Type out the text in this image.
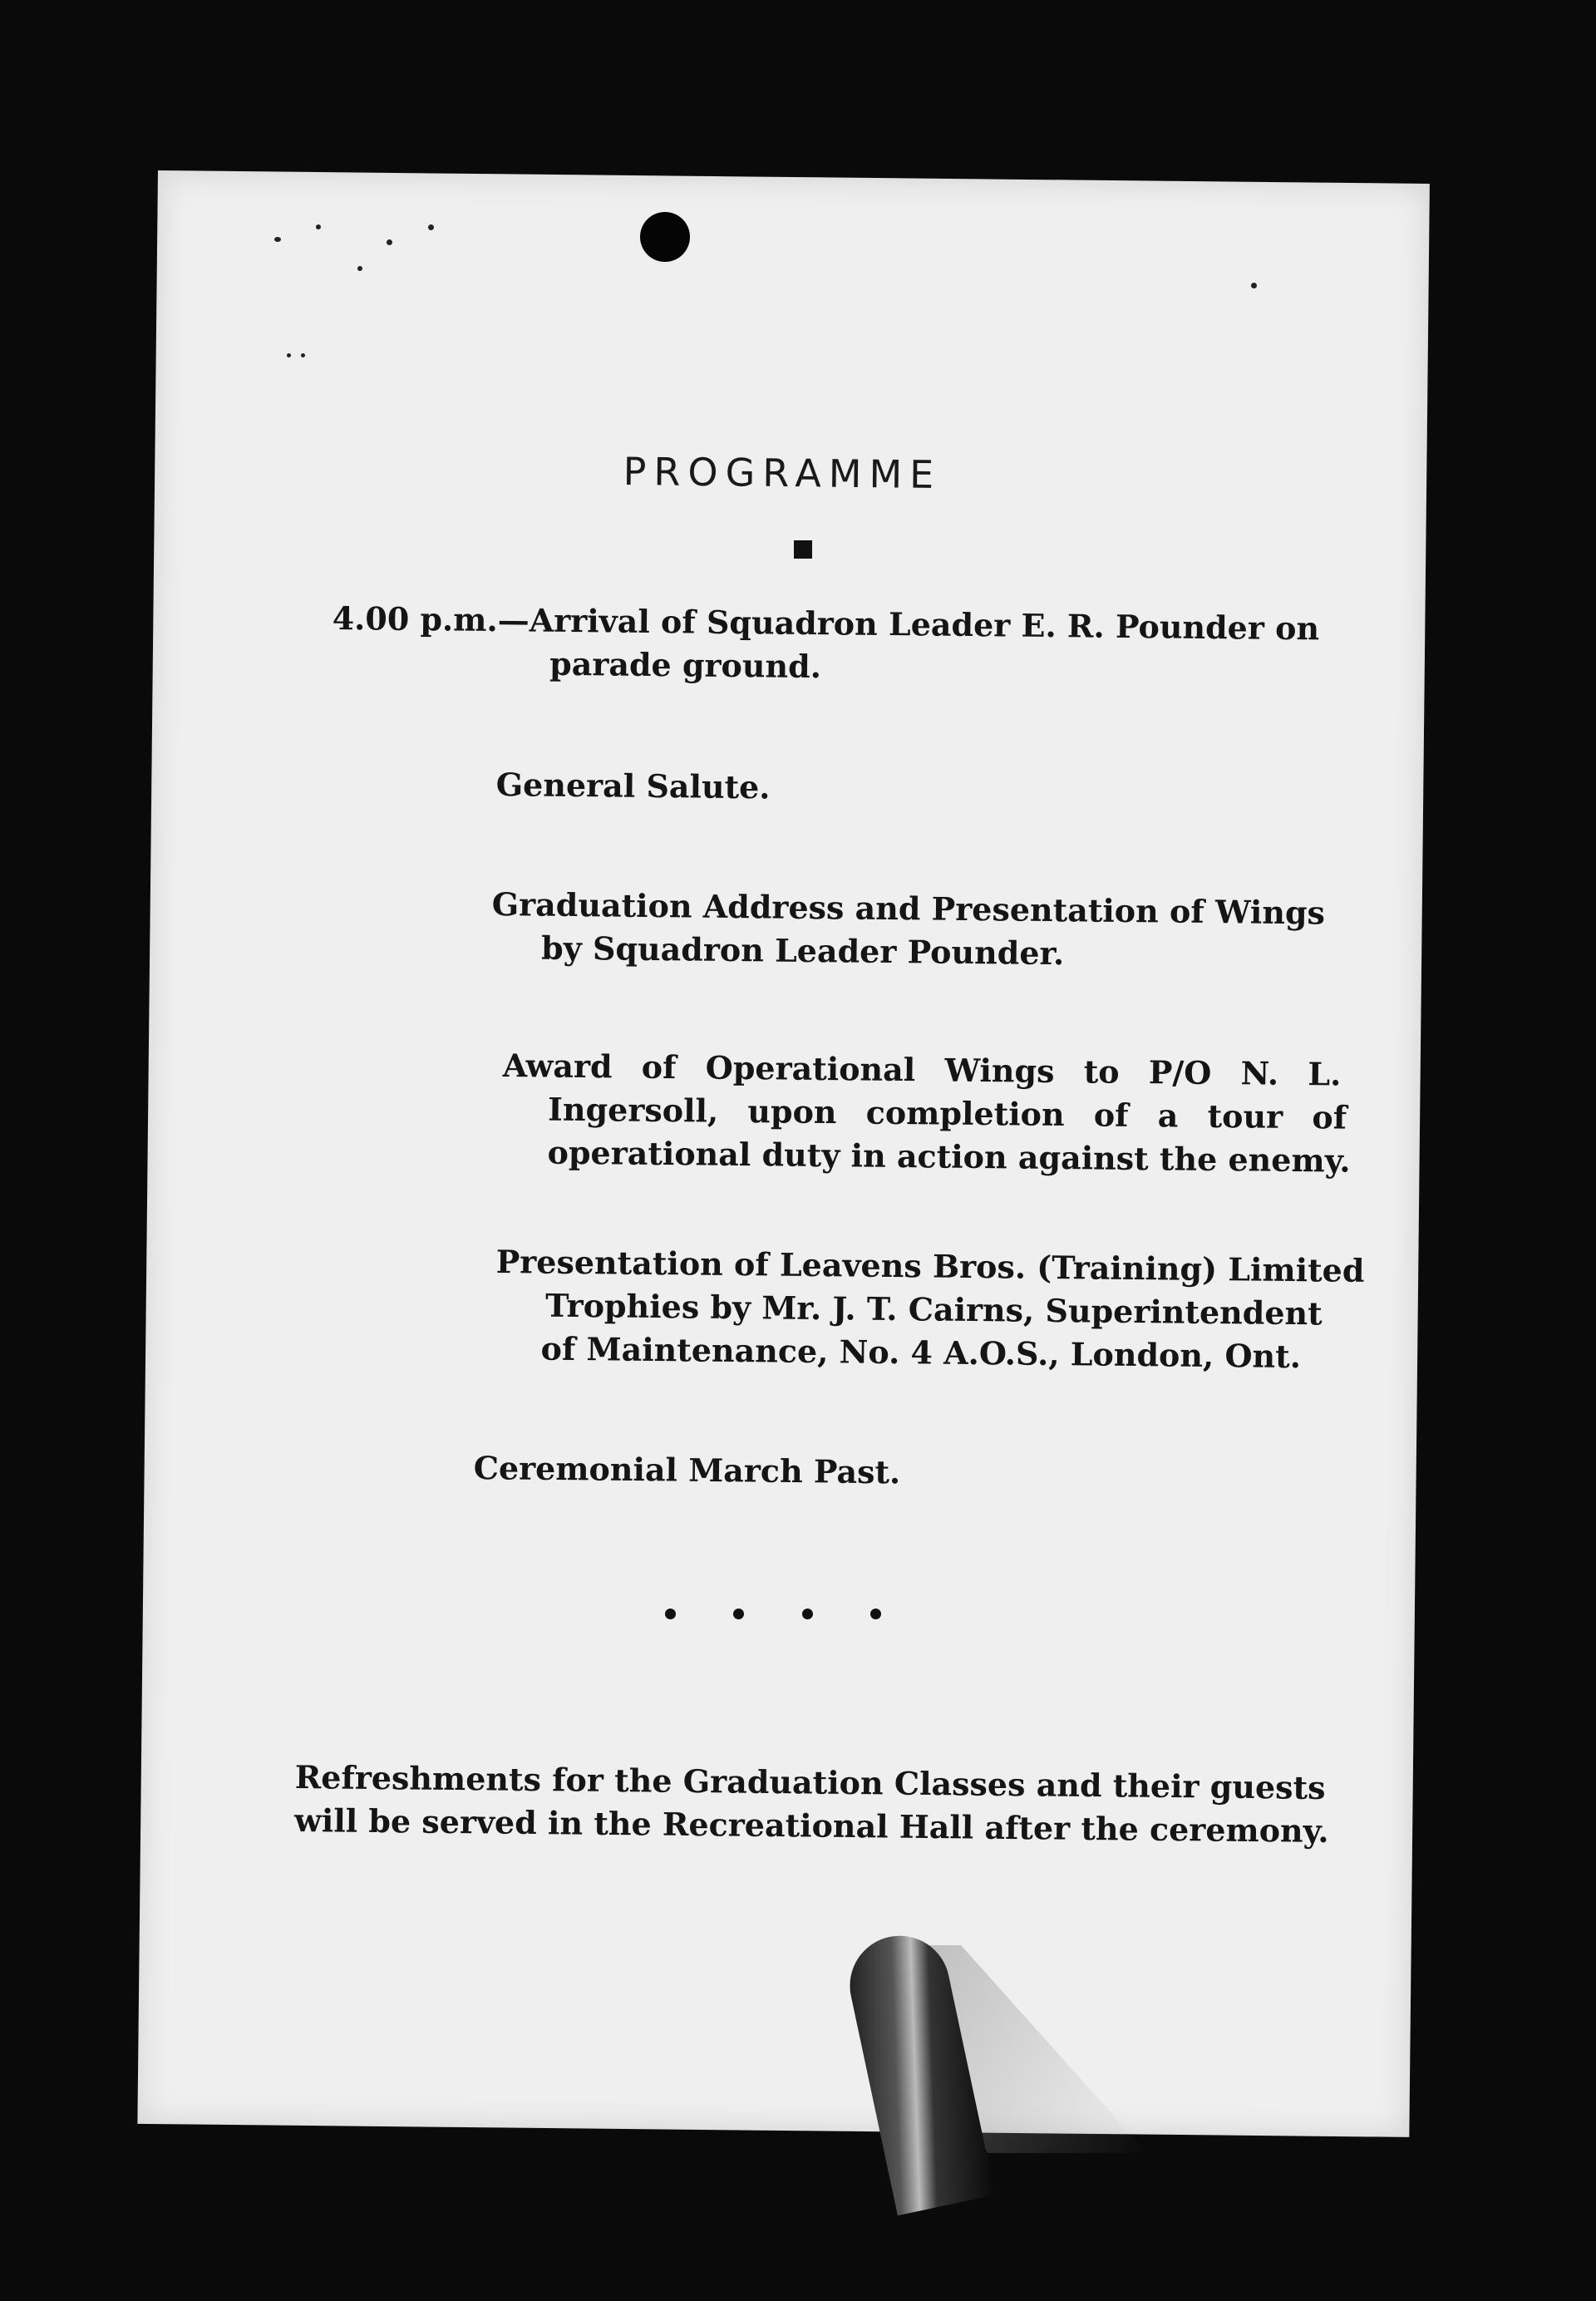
PROGRAMME
4.00 p.m.—Arrival of Squadron Leader E. R. Pounder on
parade ground.
General Salute.
Graduation Address and Presentation of Wings
by Squadron Leader Pounder.
Award of Operational Wings to P/O N. L.
Ingersoll, upon completion of a tour of
operational duty in action against the enemy.
Presentation of Leavens Bros. (Training) Limited
Trophies by Mr. J. T. Cairns, Superintendent
of Maintenance, No. 4 A.O.S., London, Ont.
Ceremonial March Past.
Refreshments for the Graduation Classes and their guests
will be served in the Recreational Hall after the ceremony.
